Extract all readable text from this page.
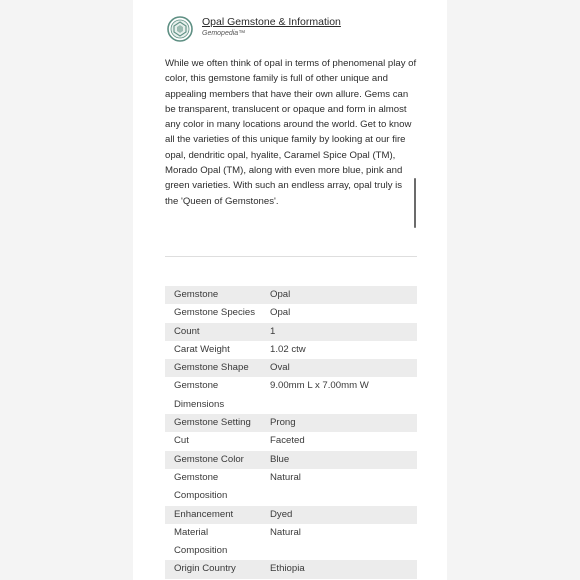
Opal Gemstone & Information
Gemopedia™

While we often think of opal in terms of phenomenal play of color, this gemstone family is full of other unique and appealing members that have their own allure. Gems can be transparent, translucent or opaque and form in almost any color in many locations around the world. Get to know all the varieties of this unique family by looking at our fire opal, dendritic opal, hyalite, Caramel Spice Opal (TM), Morado Opal (TM), along with even more blue, pink and green varieties. With such an endless array, opal truly is the 'Queen of Gemstones'.

Gemstone	Opal
Gemstone Species	Opal
Count	1
Carat Weight	1.02 ctw
Gemstone Shape	Oval
Gemstone Dimensions	9.00mm L x 7.00mm W
Gemstone Setting	Prong
Cut	Faceted
Gemstone Color	Blue
Gemstone Composition	Natural
Enhancement	Dyed
Material Composition	Natural
Origin Country	Ethiopia
